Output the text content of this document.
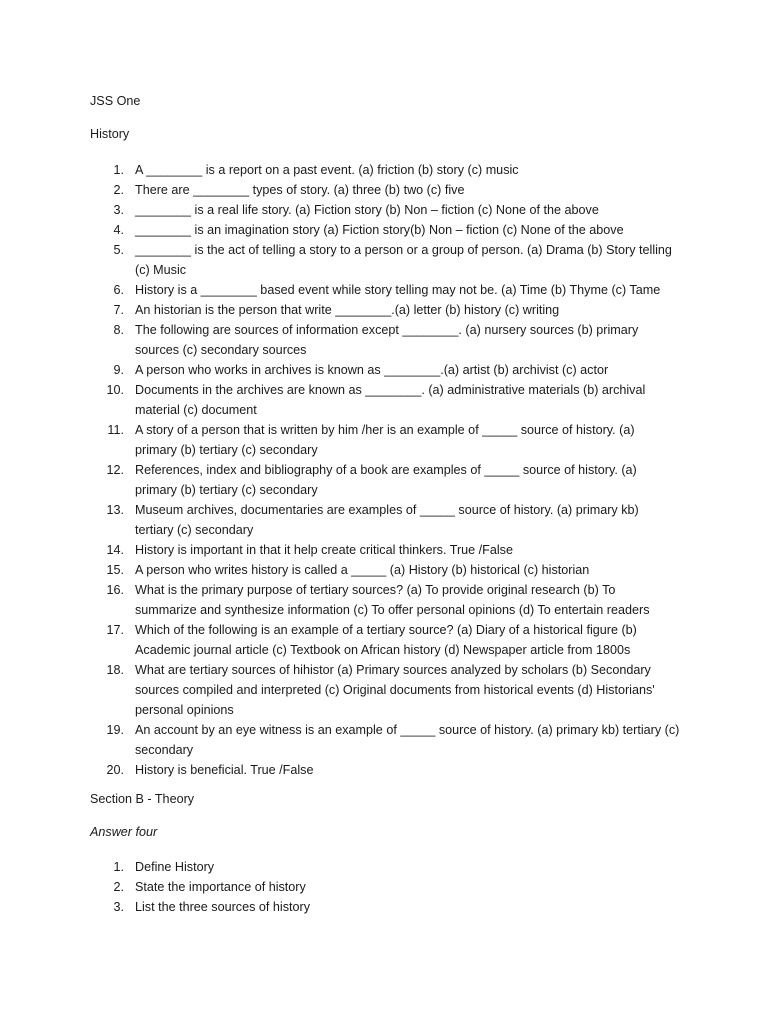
JSS One
History
1. A ________ is a report on a past event. (a) friction (b) story (c) music
2. There are ________ types of story. (a) three (b) two (c) five
3. ________ is a real life story. (a) Fiction story (b) Non – fiction (c) None of the above
4. ________ is an imagination story (a) Fiction story(b) Non – fiction (c) None of the above
5. ________ is the act of telling a story to a person or a group of person. (a) Drama (b) Story telling (c) Music
6. History is a ________ based event while story telling may not be. (a) Time (b) Thyme (c) Tame
7. An historian is the person that write ________.(a) letter (b) history (c) writing
8. The following are sources of information except ________. (a) nursery sources (b) primary sources (c) secondary sources
9. A person who works in archives is known as ________.(a) artist (b) archivist (c) actor
10. Documents in the archives are known as ________. (a) administrative materials (b) archival material (c) document
11. A story of a person that is written by him /her is an example of _____ source of history. (a) primary (b) tertiary (c) secondary
12. References, index and bibliography of a book are examples of _____ source of history. (a) primary (b) tertiary (c) secondary
13. Museum archives, documentaries are examples of _____ source of history. (a) primary kb) tertiary (c) secondary
14. History is important in that it help create critical thinkers. True /False
15. A person who writes history is called a _____ (a) History (b) historical (c) historian
16. What is the primary purpose of tertiary sources? (a) To provide original research (b) To summarize and synthesize information (c) To offer personal opinions (d) To entertain readers
17. Which of the following is an example of a tertiary source? (a) Diary of a historical figure (b) Academic journal article (c) Textbook on African history (d) Newspaper article from 1800s
18. What are tertiary sources of hihistor (a) Primary sources analyzed by scholars (b) Secondary sources compiled and interpreted (c) Original documents from historical events (d) Historians' personal opinions
19. An account by an eye witness is an example of _____ source of history. (a) primary kb) tertiary (c) secondary
20. History is beneficial. True /False
Section B - Theory
Answer four
1. Define History
2. State the importance of history
3. List the three sources of history
